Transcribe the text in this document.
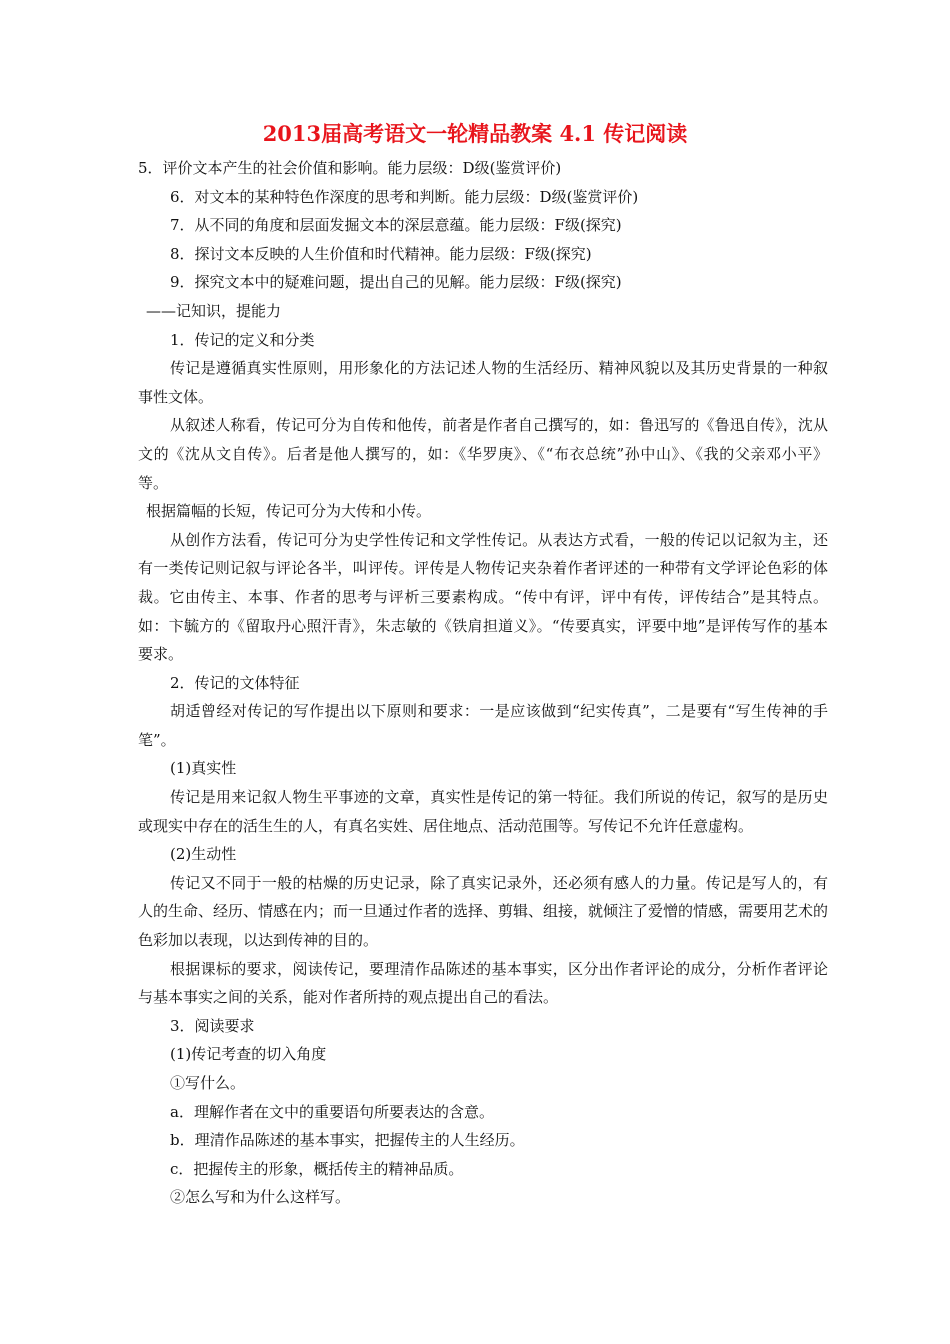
2013届高考语文一轮精品教案 4.1 传记阅读

5．评价文本产生的社会价值和影响。能力层级：D级(鉴赏评价)

6．对文本的某种特色作深度的思考和判断。能力层级：D级(鉴赏评价)

7．从不同的角度和层面发掘文本的深层意蕴。能力层级：F级(探究)

8．探讨文本反映的人生价值和时代精神。能力层级：F级(探究)

9．探究文本中的疑难问题，提出自己的见解。能力层级：F级(探究)

——记知识，提能力

1．传记的定义和分类

传记是遵循真实性原则，用形象化的方法记述人物的生活经历、精神风貌以及其历史背景的一种叙事性文体。

从叙述人称看，传记可分为自传和他传，前者是作者自己撰写的，如：鲁迅写的《鲁迅自传》，沈从文的《沈从文自传》。后者是他人撰写的，如：《华罗庚》、《“布衣总统”孙中山》、《我的父亲邓小平》等。

根据篇幅的长短，传记可分为大传和小传。

从创作方法看，传记可分为史学性传记和文学性传记。从表达方式看，一般的传记以记叙为主，还有一类传记则记叙与评论各半，叫评传。评传是人物传记夹杂着作者评述的一种带有文学评论色彩的体裁。它由传主、本事、作者的思考与评析三要素构成。“传中有评，评中有传，评传结合”是其特点。如：卞毓方的《留取丹心照汗青》，朱志敏的《铁肩担道义》。“传要真实，评要中地”是评传写作的基本要求。

2．传记的文体特征

胡适曾经对传记的写作提出以下原则和要求：一是应该做到“纪实传真”，二是要有“写生传神的手笔”。

(1)真实性

传记是用来记叙人物生平事迹的文章，真实性是传记的第一特征。我们所说的传记，叙写的是历史或现实中存在的活生生的人，有真名实姓、居住地点、活动范围等。写传记不允许任意虚构。

(2)生动性

传记又不同于一般的枯燥的历史记录，除了真实记录外，还必须有感人的力量。传记是写人的，有人的生命、经历、情感在内；而一旦通过作者的选择、剪辑、组接，就倾注了爱憎的情感，需要用艺术的色彩加以表现，以达到传神的目的。

根据课标的要求，阅读传记，要理清作品陈述的基本事实，区分出作者评论的成分，分析作者评论与基本事实之间的关系，能对作者所持的观点提出自己的看法。

3．阅读要求

(1)传记考查的切入角度

①写什么。

a．理解作者在文中的重要语句所要表达的含意。

b．理清作品陈述的基本事实，把握传主的人生经历。

c．把握传主的形象，概括传主的精神品质。

②怎么写和为什么这样写。
